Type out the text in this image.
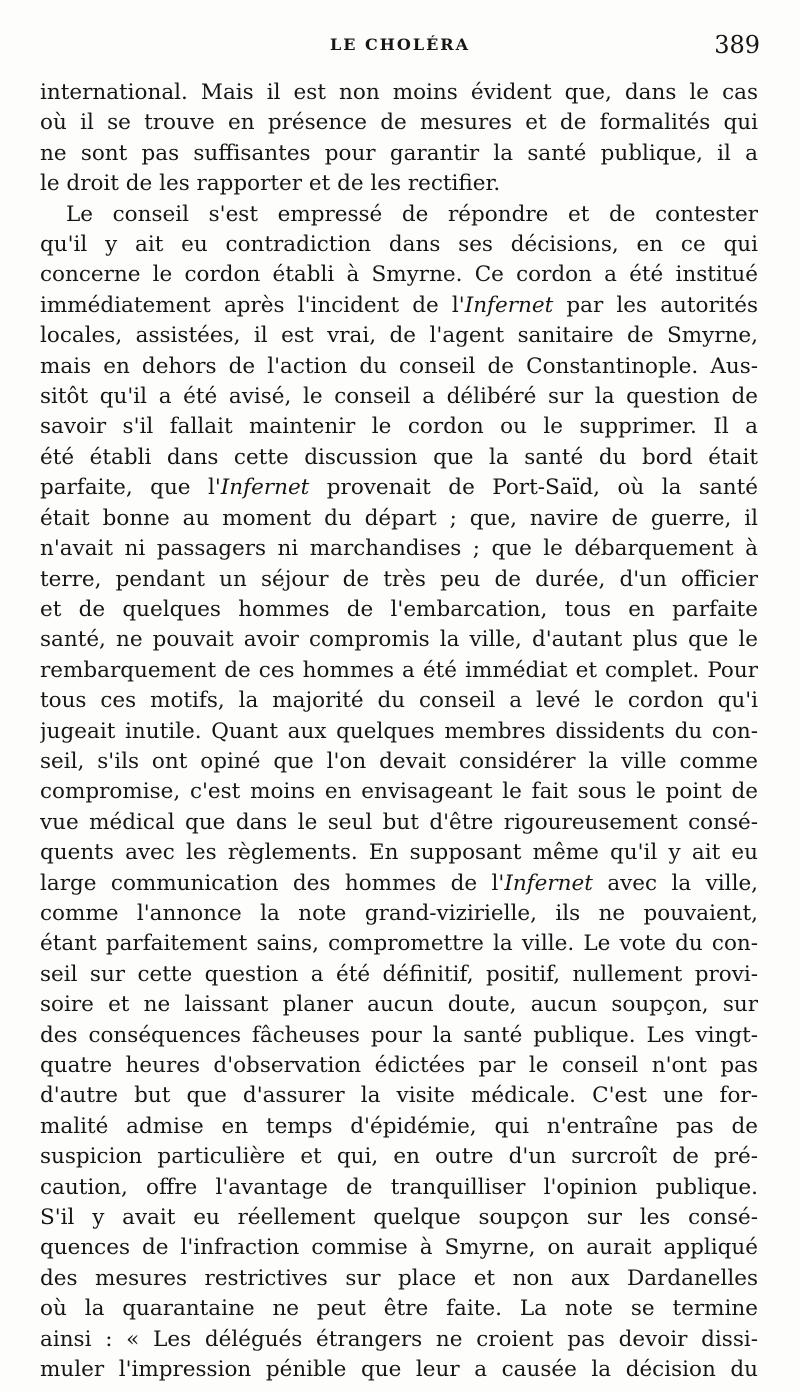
LE CHOLÉRA	389
international. Mais il est non moins évident que, dans le cas
où il se trouve en présence de mesures et de formalités qui
ne sont pas suffisantes pour garantir la santé publique, il a
le droit de les rapporter et de les rectifier.
Le conseil s'est empressé de répondre et de contester
qu'il y ait eu contradiction dans ses décisions, en ce qui
concerne le cordon établi à Smyrne. Ce cordon a été institué
immédiatement après l'incident de l'Infernet par les autorités
locales, assistées, il est vrai, de l'agent sanitaire de Smyrne,
mais en dehors de l'action du conseil de Constantinople. Aus-
sitôt qu'il a été avisé, le conseil a délibéré sur la question de
savoir s'il fallait maintenir le cordon ou le supprimer. Il a
été établi dans cette discussion que la santé du bord était
parfaite, que l'Infernet provenait de Port-Saïd, où la santé
était bonne au moment du départ ; que, navire de guerre, il
n'avait ni passagers ni marchandises ; que le débarquement à
terre, pendant un séjour de très peu de durée, d'un officier
et de quelques hommes de l'embarcation, tous en parfaite
santé, ne pouvait avoir compromis la ville, d'autant plus que le
rembarquement de ces hommes a été immédiat et complet. Pour
tous ces motifs, la majorité du conseil a levé le cordon qu'i
jugeait inutile. Quant aux quelques membres dissidents du con-
seil, s'ils ont opiné que l'on devait considérer la ville comme
compromise, c'est moins en envisageant le fait sous le point de
vue médical que dans le seul but d'être rigoureusement consé-
quents avec les règlements. En supposant même qu'il y ait eu
large communication des hommes de l'Infernet avec la ville,
comme l'annonce la note grand-vizirielle, ils ne pouvaient,
étant parfaitement sains, compromettre la ville. Le vote du con-
seil sur cette question a été définitif, positif, nullement provi-
soire et ne laissant planer aucun doute, aucun soupçon, sur
des conséquences fâcheuses pour la santé publique. Les vingt-
quatre heures d'observation édictées par le conseil n'ont pas
d'autre but que d'assurer la visite médicale. C'est une for-
malité admise en temps d'épidémie, qui n'entraîne pas de
suspicion particulière et qui, en outre d'un surcroît de pré-
caution, offre l'avantage de tranquilliser l'opinion publique.
S'il y avait eu réellement quelque soupçon sur les consé-
quences de l'infraction commise à Smyrne, on aurait appliqué
des mesures restrictives sur place et non aux Dardanelles
où la quarantaine ne peut être faite. La note se termine
ainsi : « Les délégués étrangers ne croient pas devoir dissi-
muler l'impression pénible que leur a causée la décision du
